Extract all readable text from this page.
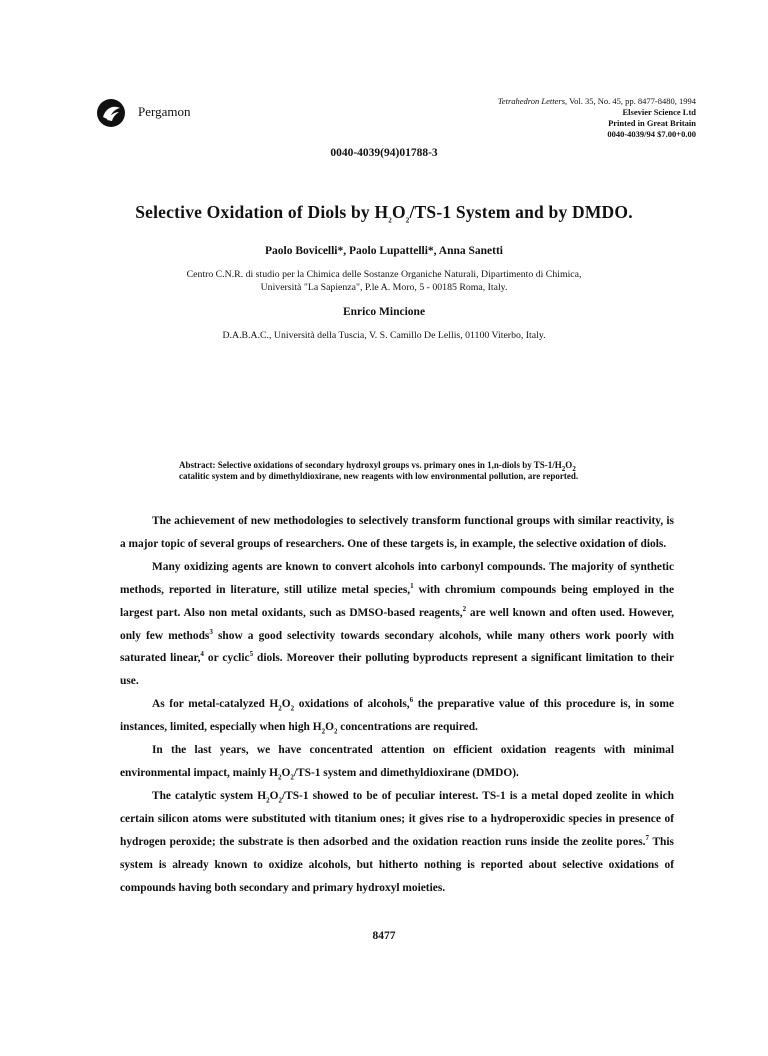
Pergamon
Tetrahedron Letters, Vol. 35, No. 45, pp. 8477-8480, 1994
Elsevier Science Ltd
Printed in Great Britain
0040-4039/94 $7.00+0.00
0040-4039(94)01788-3
Selective Oxidation of Diols by $H_2O_2/TS-1$ System and by DMDO.
Paolo Bovicelli*, Paolo Lupattelli*, Anna Sanetti
Centro C.N.R. di studio per la Chimica delle Sostanze Organiche Naturali, Dipartimento di Chimica,
Università "La Sapienza", P.le A. Moro, 5 - 00185 Roma, Italy.
Enrico Mincione
D.A.B.A.C., Università della Tuscia, V. S. Camillo De Lellis, 01100 Viterbo, Italy.
Abstract: Selective oxidations of secondary hydroxyl groups vs. primary ones in 1,n-diols by $TS-1/H_2O_2$ catalitic system and by dimethyldioxirane, new reagents with low environmental pollution, are reported.

The achievement of new methodologies to selectively transform functional groups with similar reactivity, is a major topic of several groups of researchers. One of these targets is, in example, the selective oxidation of diols.

Many oxidizing agents are known to convert alcohols into carbonyl compounds. The majority of synthetic methods, reported in literature, still utilize metal species,$^1$ with chromium compounds being employed in the largest part. Also non metal oxidants, such as DMSO-based reagents,$^2$ are well known and often used. However, only few methods$^3$ show a good selectivity towards secondary alcohols, while many others work poorly with saturated linear,$^4$ or cyclic$^5$ diols. Moreover their polluting byproducts represent a significant limitation to their use.

As for metal-catalyzed $H_2O_2$ oxidations of alcohols,$^6$ the preparative value of this procedure is, in some instances, limited, especially when high $H_2O_2$ concentrations are required.

In the last years, we have concentrated attention on efficient oxidation reagents with minimal environmental impact, mainly $H_2O_2/TS-1$ system and dimethyldioxirane (DMDO).

The catalytic system $H_2O_2/TS-1$ showed to be of peculiar interest. TS-1 is a metal doped zeolite in which certain silicon atoms were substituted with titanium ones; it gives rise to a hydroperoxidic species in presence of hydrogen peroxide; the substrate is then adsorbed and the oxidation reaction runs inside the zeolite pores.$^7$ This system is already known to oxidize alcohols, but hitherto nothing is reported about selective oxidations of compounds having both secondary and primary hydroxyl moieties.

8477
